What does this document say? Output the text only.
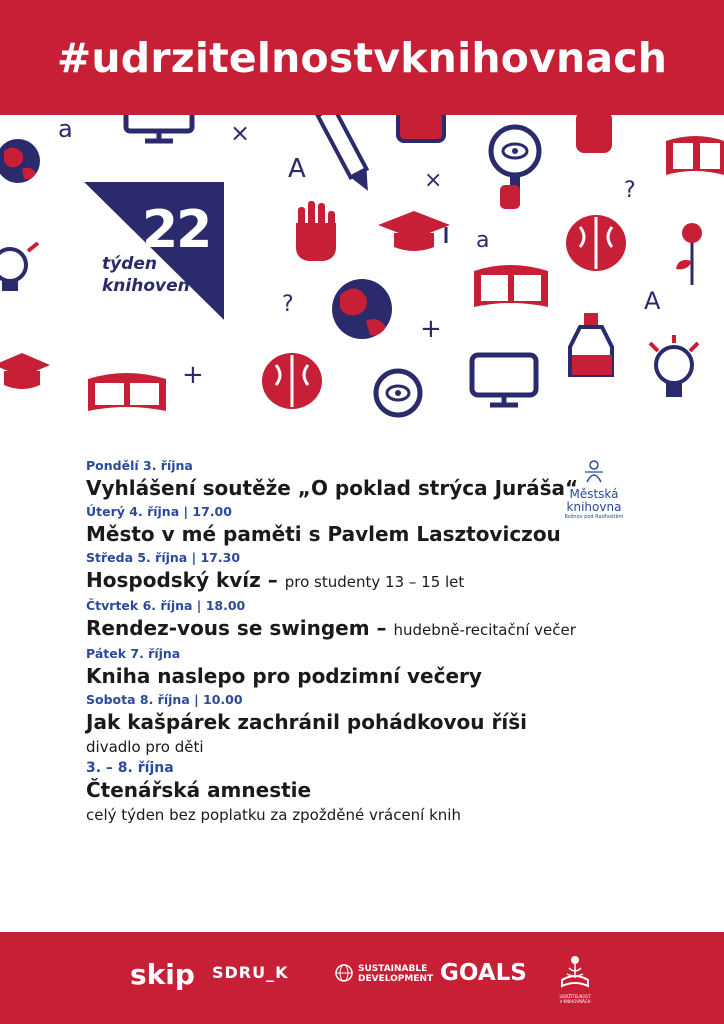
#udrzitelnostvknihovnach
a	×
A	×	?
a
?
+
A
+
22
týden
knihoven
Městská
knihovna
Rožnov pod Radhoštěm

Pondělí 3. října

Vyhlášení soutěže „O poklad strýca Jurášа“

Úterý 4. října | 17.00

Město v mé paměti s Pavlem Lasztoviczou

Středa 5. října | 17.30

Hospodský kvíz – pro studenty 13 – 15 let

Čtvrtek 6. října | 18.00

Rendez-vous se swingem – hudebně-recitační večer

Pátek 7. října

Kniha naslepo pro podzimní večery

Sobota 8. října | 10.00

Jak kašpárek zachránil pohádkovou říši

divadlo pro děti

3. – 8. října

Čtenářská amnestie

celý týden bez poplatku za zpožděné vrácení knih

skip SDRU_K	SUSTAINABLE
DEVELOPMENT GOALS
UDRŽITELNOST
V KNIHOVNÁCH
